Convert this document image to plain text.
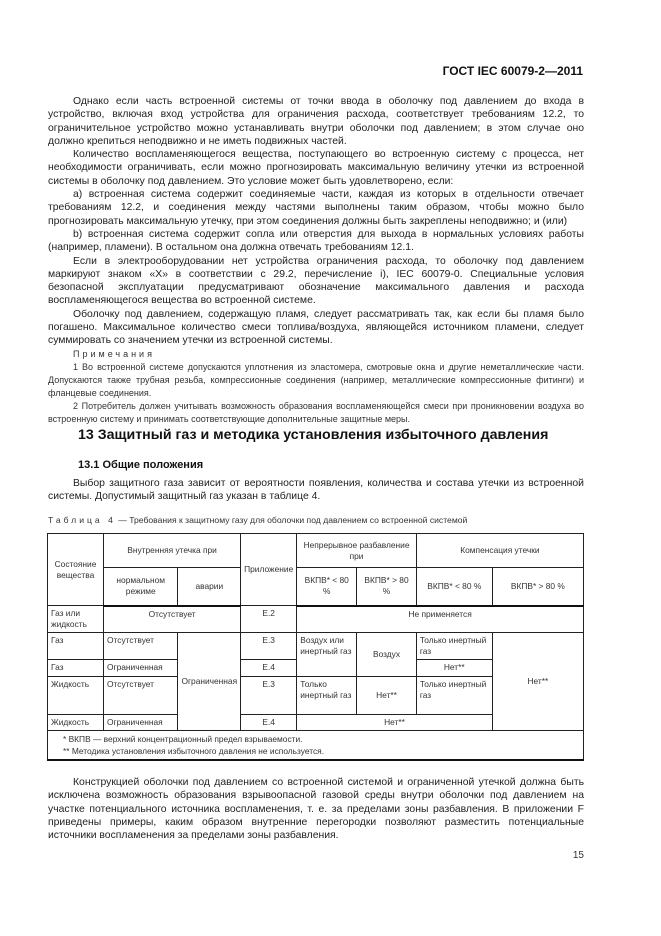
ГОСТ IEC 60079-2—2011

Однако если часть встроенной системы от точки ввода в оболочку под давлением до входа в устройство, включая вход устройства для ограничения расхода, соответствует требованиям 12.2, то ограничительное устройство можно устанавливать внутри оболочки под давлением; в этом случае оно должно крепиться неподвижно и не иметь подвижных частей.

Количество воспламеняющегося вещества, поступающего во встроенную систему с процесса, нет необходимости ограничивать, если можно прогнозировать максимальную величину утечки из встроенной системы в оболочку под давлением. Это условие может быть удовлетворено, если:

a) встроенная система содержит соединяемые части, каждая из которых в отдельности отвечает требованиям 12.2, и соединения между частями выполнены таким образом, чтобы можно было прогнозировать максимальную утечку, при этом соединения должны быть закреплены неподвижно; и (или)

b) встроенная система содержит сопла или отверстия для выхода в нормальных условиях работы (например, пламени). В остальном она должна отвечать требованиям 12.1.

Если в электрооборудовании нет устройства ограничения расхода, то оболочку под давлением маркируют знаком «X» в соответствии с 29.2, перечисление i), IEC 60079-0. Специальные условия безопасной эксплуатации предусматривают обозначение максимального давления и расхода воспламеняющегося вещества во встроенной системе.

Оболочку под давлением, содержащую пламя, следует рассматривать так, как если бы пламя было погашено. Максимальное количество смеси топлива/воздуха, являющейся источником пламени, следует суммировать со значением утечки из встроенной системы.

Примечания

1 Во встроенной системе допускаются уплотнения из эластомера, смотровые окна и другие неметаллические части. Допускаются также трубная резьба, компрессионные соединения (например, металлические компрессионные фитинги) и фланцевые соединения.

2 Потребитель должен учитывать возможность образования воспламеняющейся смеси при проникновении воздуха во встроенную систему и принимать соответствующие дополнительные защитные меры.

13 Защитный газ и методика установления избыточного давления
13.1 Общие положения

Выбор защитного газа зависит от вероятности появления, количества и состава утечки из встроенной системы. Допустимый защитный газ указан в таблице 4.

Таблица 4 — Требования к защитному газу для оболочки под давлением со встроенной системой
Состояние вещества	Внутренняя утечка при		Приложение	Непрерывное разбавление при		Компенсация утечки	
	нормальном режиме	аварии		ВКПВ* < 80 %	ВКПВ* > 80 %	ВКПВ* < 80 %	ВКПВ* > 80 %
Газ или жидкость	Отсутствует		E.2	Не применяется			
Газ	Отсутствует	Ограниченная	E.3	Воздух или инертный газ	Воздух	Только инертный газ	Нет**
Газ	Ограниченная		E.4			Нет**	
Жидкость	Отсутствует		E.3	Только инертный газ	Нет**	Только инертный газ	
Жидкость	Ограниченная		E.4	Нет**			

* ВКПВ — верхний концентрационный предел взрываемости.
** Методика установления избыточного давления не используется.							

Конструкцией оболочки под давлением со встроенной системой и ограниченной утечкой должна быть исключена возможность образования взрывоопасной газовой среды внутри оболочки под давлением на участке потенциального источника воспламенения, т. е. за пределами зоны разбавления. В приложении F приведены примеры, каким образом внутренние перегородки позволяют разместить потенциальные источники воспламенения за пределами зоны разбавления.

15
